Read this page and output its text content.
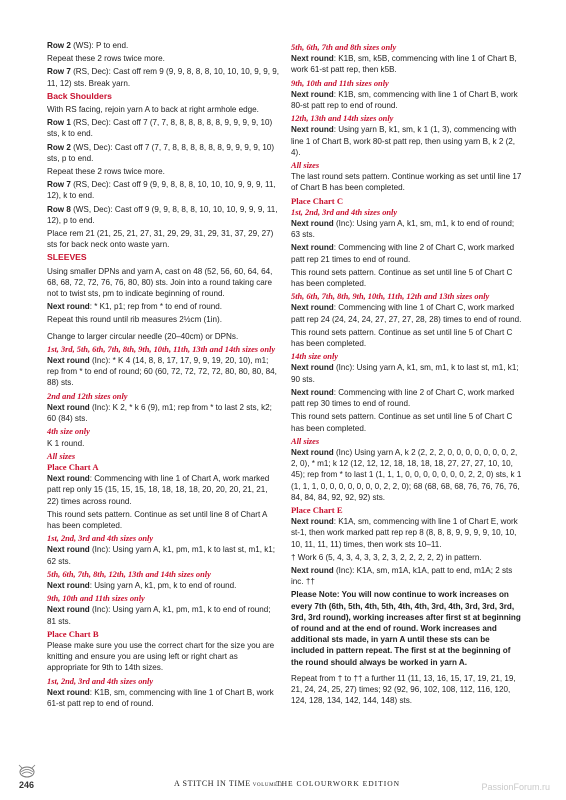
Row 2 (WS): P to end.

Repeat these 2 rows twice more.

Row 7 (RS, Dec): Cast off rem 9 (9, 9, 8, 8, 8, 10, 10, 10, 9, 9, 9, 11, 12) sts. Break yarn.

Back Shoulders

With RS facing, rejoin yarn A to back at right armhole edge.

Row 1 (RS, Dec): Cast off 7 (7, 7, 8, 8, 8, 8, 8, 8, 9, 9, 9, 9, 10) sts, k to end.

Row 2 (WS, Dec): Cast off 7 (7, 7, 8, 8, 8, 8, 8, 8, 9, 9, 9, 9, 10) sts, p to end.

Repeat these 2 rows twice more.

Row 7 (RS, Dec): Cast off 9 (9, 9, 8, 8, 8, 10, 10, 10, 9, 9, 9, 11, 12), k to end.

Row 8 (WS, Dec): Cast off 9 (9, 9, 8, 8, 8, 10, 10, 10, 9, 9, 9, 11, 12), p to end.

Place rem 21 (21, 25, 21, 27, 31, 29, 29, 31, 29, 31, 37, 29, 27) sts for back neck onto waste yarn.

SLEEVES

Using smaller DPNs and yarn A, cast on 48 (52, 56, 60, 64, 64, 68, 68, 72, 72, 76, 76, 80, 80) sts. Join into a round taking care not to twist sts, pm to indicate beginning of round.

Next round: * K1, p1; rep from * to end of round.

Repeat this round until rib measures 2½cm (1in).

Change to larger circular needle (20–40cm) or DPNs.

1st, 3rd, 5th, 6th, 7th, 8th, 9th, 10th, 11th, 13th and 14th sizes only

Next round (Inc): * K 4 (14, 8, 8, 17, 17, 9, 9, 19, 20, 10), m1; rep from * to end of round; 60 (60, 72, 72, 72, 72, 80, 80, 80, 84, 88) sts.

2nd and 12th sizes only

Next round (Inc): K 2, * k 6 (9), m1; rep from * to last 2 sts, k2; 60 (84) sts.

4th size only

K 1 round.

All sizes
Place Chart A

Next round: Commencing with line 1 of Chart A, work marked patt rep only 15 (15, 15, 15, 18, 18, 18, 18, 20, 20, 20, 21, 21, 22) times across round.

This round sets pattern. Continue as set until line 8 of Chart A has been completed.

1st, 2nd, 3rd and 4th sizes only

Next round (Inc): Using yarn A, k1, pm, m1, k to last st, m1, k1; 62 sts.

5th, 6th, 7th, 8th, 12th, 13th and 14th sizes only

Next round: Using yarn A, k1, pm, k to end of round.

9th, 10th and 11th sizes only

Next round (Inc): Using yarn A, k1, pm, m1, k to end of round; 81 sts.

Place Chart B

Please make sure you use the correct chart for the size you are knitting and ensure you are using left or right chart as appropriate for 9th to 14th sizes.

1st, 2nd, 3rd and 4th sizes only

Next round: K1B, sm, commencing with line 1 of Chart B, work 61-st patt rep to end of round.

5th, 6th, 7th and 8th sizes only

Next round: K1B, sm, k5B, commencing with line 1 of Chart B, work 61-st patt rep, then k5B.

9th, 10th and 11th sizes only

Next round: K1B, sm, commencing with line 1 of Chart B, work 80-st patt rep to end of round.

12th, 13th and 14th sizes only

Next round: Using yarn B, k1, sm, k 1 (1, 3), commencing with line 1 of Chart B, work 80-st patt rep, then using yarn B, k 2 (2, 4).

All sizes

The last round sets pattern. Continue working as set until line 17 of Chart B has been completed.

Place Chart C
1st, 2nd, 3rd and 4th sizes only

Next round (Inc): Using yarn A, k1, sm, m1, k to end of round; 63 sts.

Next round: Commencing with line 2 of Chart C, work marked patt rep 21 times to end of round.

This round sets pattern. Continue as set until line 5 of Chart C has been completed.

5th, 6th, 7th, 8th, 9th, 10th, 11th, 12th and 13th sizes only

Next round: Commencing with line 1 of Chart C, work marked patt rep 24 (24, 24, 24, 27, 27, 27, 28, 28) times to end of round.

This round sets pattern. Continue as set until line 5 of Chart C has been completed.

14th size only

Next round (Inc): Using yarn A, k1, sm, m1, k to last st, m1, k1; 90 sts.

Next round: Commencing with line 2 of Chart C, work marked patt rep 30 times to end of round.

This round sets pattern. Continue as set until line 5 of Chart C has been completed.

All sizes

Next round (Inc) Using yarn A, k 2 (2, 2, 2, 0, 0, 0, 0, 0, 0, 0, 2, 2, 0), * m1; k 12 (12, 12, 12, 18, 18, 18, 18, 27, 27, 27, 10, 10, 45); rep from * to last 1 (1, 1, 1, 0, 0, 0, 0, 0, 0, 0, 2, 2, 0) sts, k 1 (1, 1, 1, 0, 0, 0, 0, 0, 0, 0, 2, 2, 0); 68 (68, 68, 68, 76, 76, 76, 76, 84, 84, 84, 92, 92, 92) sts.

Place Chart E

Next round: K1A, sm, commencing with line 1 of Chart E, work st-1, then work marked patt rep rep 8 (8, 8, 8, 9, 9, 9, 9, 10, 10, 10, 11, 11, 11) times, then work sts 10–11.

† Work 6 (5, 4, 3, 4, 3, 3, 2, 3, 2, 2, 2, 2, 2) in pattern.

Next round (Inc): K1A, sm, m1A, k1A, patt to end, m1A; 2 sts inc. ††

Please Note: You will now continue to work increases on every 7th (6th, 5th, 4th, 5th, 4th, 4th, 3rd, 4th, 3rd, 3rd, 3rd, 3rd, 3rd round), working increases after first st at beginning of round and at the end of round. Work increases and additional sts made, in yarn A until these sts can be included in pattern repeat. The first st at the beginning of the round should always be worked in yarn A.

Repeat from † to †† a further 11 (11, 13, 16, 15, 17, 19, 21, 19, 21, 24, 24, 25, 27) times; 92 (92, 96, 102, 108, 112, 116, 120, 124, 128, 134, 142, 144, 148) sts.

246	A STITCH IN TIME VOLUME 3
THE COLOURWORK EDITION	PassionForum.ru
